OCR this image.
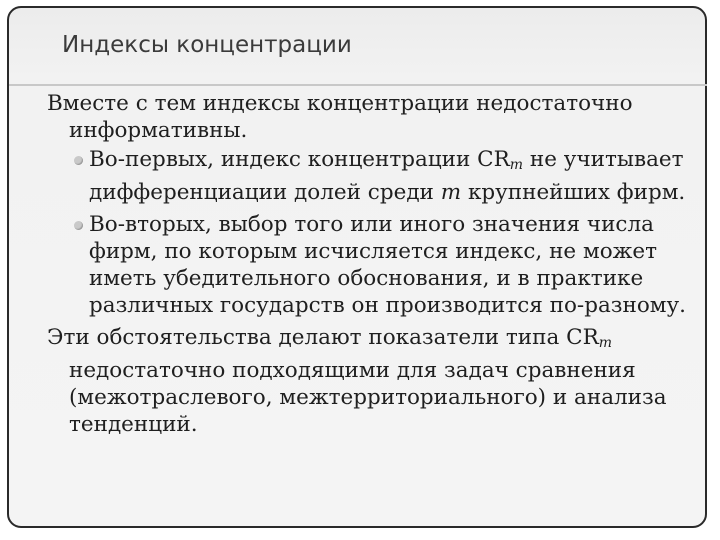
Индексы концентрации

Вместе с тем индексы концентрации недостаточно информативны.

Во-первых, индекс концентрации CRm не учитывает дифференциации долей среди m крупнейших фирм.
Во-вторых, выбор того или иного значения числа фирм, по которым исчисляется индекс, не может иметь убедительного обоснования, и в практике различных государств он производится по-разному.

Эти обстоятельства делают показатели типа CRm недостаточно подходящими для задач сравнения (межотраслевого, межтерриториального) и анализа тенденций.
